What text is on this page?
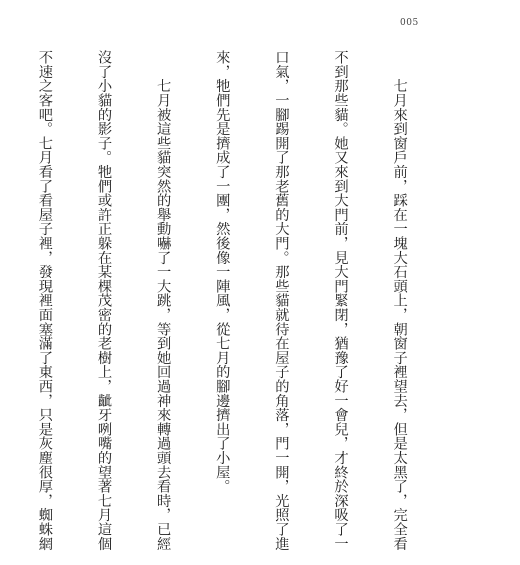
005

　　七月來到窗戶前，踩在一塊大石頭上，朝窗子裡望去，但是太黑了，完全看

不到那些貓。她又來到大門前，見大門緊閉，猶豫了好一會兒，才終於深吸了一

口氣，一腳踢開了那老舊的大門。那些貓就待在屋子的角落，門一開，光照了進

來，牠們先是擠成了一團，然後像一陣風，從七月的腳邊擠出了小屋。

　　七月被這些貓突然的舉動嚇了一大跳，等到她回過神來轉過頭去看時，已經

沒了小貓的影子。牠們或許正躲在某棵茂密的老樹上，齜牙咧嘴的望著七月這個

不速之客吧。七月看了看屋子裡，發現裡面塞滿了東西，只是灰塵很厚，蜘蛛網
